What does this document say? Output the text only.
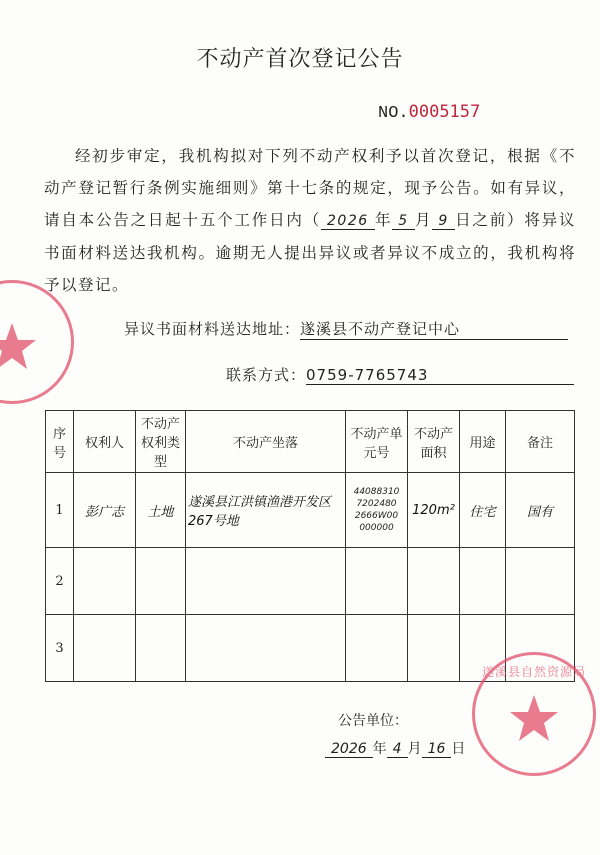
不动产首次登记公告
NO.0005157
经初步审定，我机构拟对下列不动产权利予以首次登记，根据《不动产登记暂行条例实施细则》第十七条的规定，现予公告。如有异议，请自本公告之日起十五个工作日内（ 2026 年 5 月 9 日之前）将异议书面材料送达我机构。逾期无人提出异议或者异议不成立的，我机构将予以登记。
异议书面材料送达地址：遂溪县不动产登记中心
联系方式：0759-7765743
序号	权利人	不动产权利类型	不动产坐落	不动产单元号	不动产面积	用途	备注
1	彭广志	土地	遂溪县江洪镇渔港开发区267号地	44088310
7202480
2666W00
000000	120m²	住宅	国有
2							
3							
公告单位：
2026 年 4 月 16 日
遂溪县自然资源局
